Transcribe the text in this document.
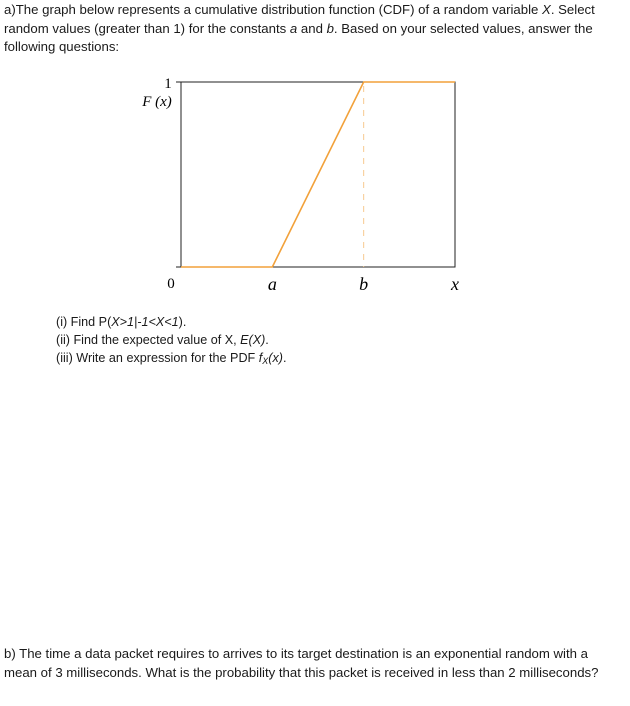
a)The graph below represents a cumulative distribution function (CDF) of a random variable X. Select random values (greater than 1) for the constants a and b. Based on your selected values, answer the following questions:
1
0
F (x)
a	b	x
(i) Find P(X>1|-1<X<1).
(ii) Find the expected value of X, E(X).
(iii) Write an expression for the PDF fX(x).
b) The time a data packet requires to arrives to its target destination is an exponential random with a mean of 3 milliseconds. What is the probability that this packet is received in less than 2 milliseconds?
